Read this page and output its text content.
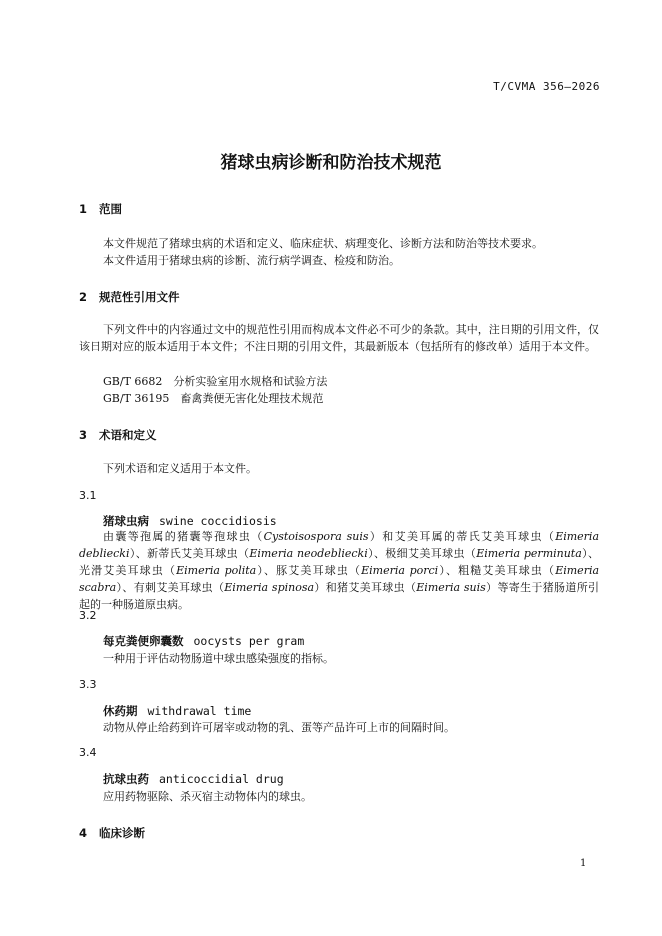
T/CVMA 356—2026
猪球虫病诊断和防治技术规范
1 范围

本文件规范了猪球虫病的术语和定义、临床症状、病理变化、诊断方法和防治等技术要求。

本文件适用于猪球虫病的诊断、流行病学调查、检疫和防治。

2 规范性引用文件

下列文件中的内容通过文中的规范性引用而构成本文件必不可少的条款。其中，注日期的引用文件，仅该日期对应的版本适用于本文件；不注日期的引用文件，其最新版本（包括所有的修改单）适用于本文件。

GB/T 6682  分析实验室用水规格和试验方法
GB/T 36195  畜禽粪便无害化处理技术规范
3 术语和定义

下列术语和定义适用于本文件。

3.1
猪球虫病 swine coccidiosis

由囊等孢属的猪囊等孢球虫（Cystoisospora suis）和艾美耳属的蒂氏艾美耳球虫（Eimeria debliecki）、新蒂氏艾美耳球虫（Eimeria neodebliecki）、极细艾美耳球虫（Eimeria perminuta）、光滑艾美耳球虫（Eimeria polita）、豚艾美耳球虫（Eimeria porci）、粗糙艾美耳球虫（Eimeria scabra）、有刺艾美耳球虫（Eimeria spinosa）和猪艾美耳球虫（Eimeria suis）等寄生于猪肠道所引起的一种肠道原虫病。

3.2
每克粪便卵囊数 oocysts per gram

一种用于评估动物肠道中球虫感染强度的指标。

3.3
休药期 withdrawal time

动物从停止给药到许可屠宰或动物的乳、蛋等产品许可上市的间隔时间。

3.4
抗球虫药 anticoccidial drug

应用药物驱除、杀灭宿主动物体内的球虫。

4 临床诊断
1
